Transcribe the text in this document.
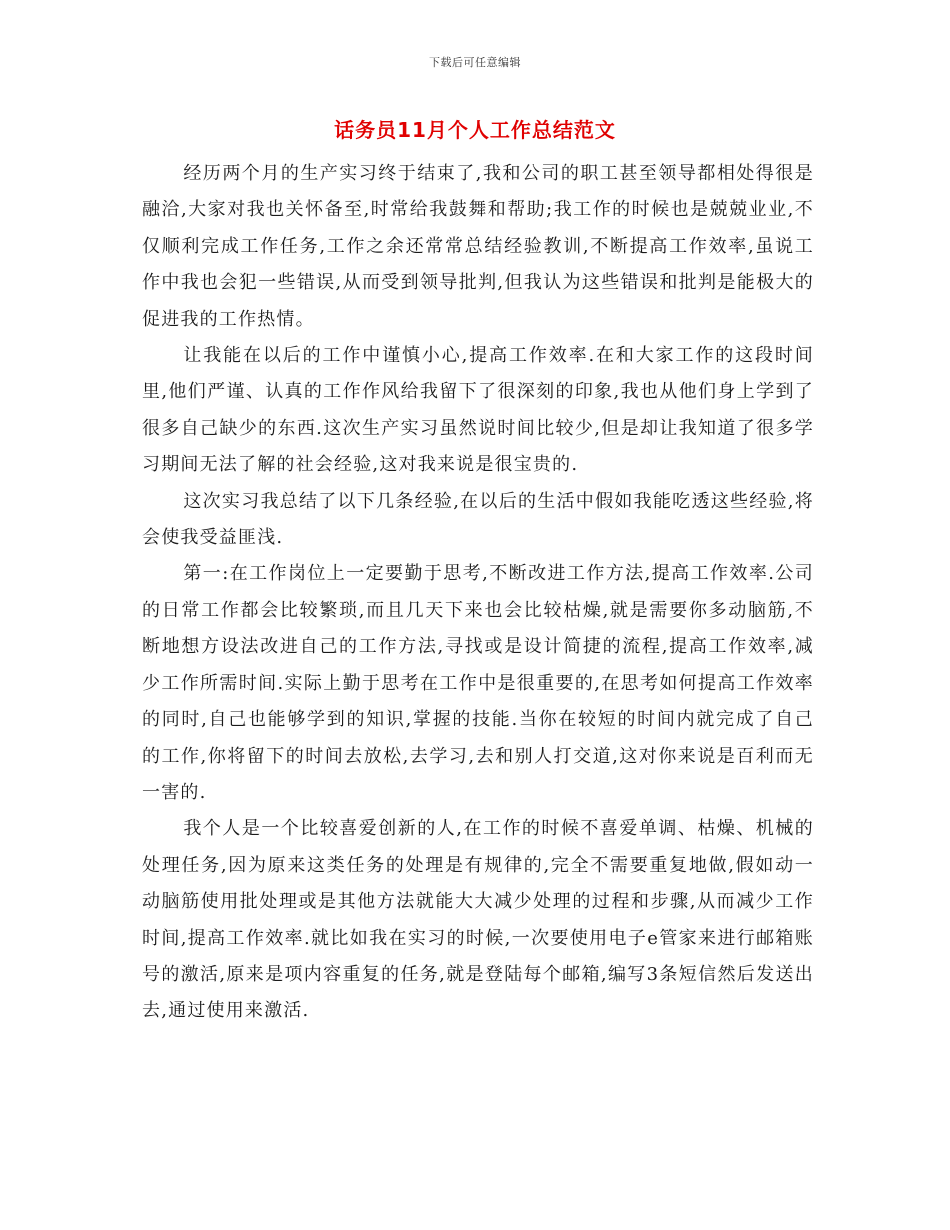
下载后可任意编辑
话务员11月个人工作总结范文

经历两个月的生产实习终于结束了,我和公司的职工甚至领导都相处得很是融洽,大家对我也关怀备至,时常给我鼓舞和帮助;我工作的时候也是兢兢业业,不仅顺利完成工作任务,工作之余还常常总结经验教训,不断提高工作效率,虽说工作中我也会犯一些错误,从而受到领导批判,但我认为这些错误和批判是能极大的促进我的工作热情。

让我能在以后的工作中谨慎小心,提高工作效率.在和大家工作的这段时间里,他们严谨、认真的工作作风给我留下了很深刻的印象,我也从他们身上学到了很多自己缺少的东西.这次生产实习虽然说时间比较少,但是却让我知道了很多学习期间无法了解的社会经验,这对我来说是很宝贵的.

这次实习我总结了以下几条经验,在以后的生活中假如我能吃透这些经验,将会使我受益匪浅.

第一:在工作岗位上一定要勤于思考,不断改进工作方法,提高工作效率.公司的日常工作都会比较繁琐,而且几天下来也会比较枯燥,就是需要你多动脑筋,不断地想方设法改进自己的工作方法,寻找或是设计简捷的流程,提高工作效率,减少工作所需时间.实际上勤于思考在工作中是很重要的,在思考如何提高工作效率的同时,自己也能够学到的知识,掌握的技能.当你在较短的时间内就完成了自己的工作,你将留下的时间去放松,去学习,去和别人打交道,这对你来说是百利而无一害的.

我个人是一个比较喜爱创新的人,在工作的时候不喜爱单调、枯燥、机械的处理任务,因为原来这类任务的处理是有规律的,完全不需要重复地做,假如动一动脑筋使用批处理或是其他方法就能大大减少处理的过程和步骤,从而减少工作时间,提高工作效率.就比如我在实习的时候,一次要使用电子e管家来进行邮箱账号的激活,原来是项内容重复的任务,就是登陆每个邮箱,编写3条短信然后发送出去,通过使用来激活.
